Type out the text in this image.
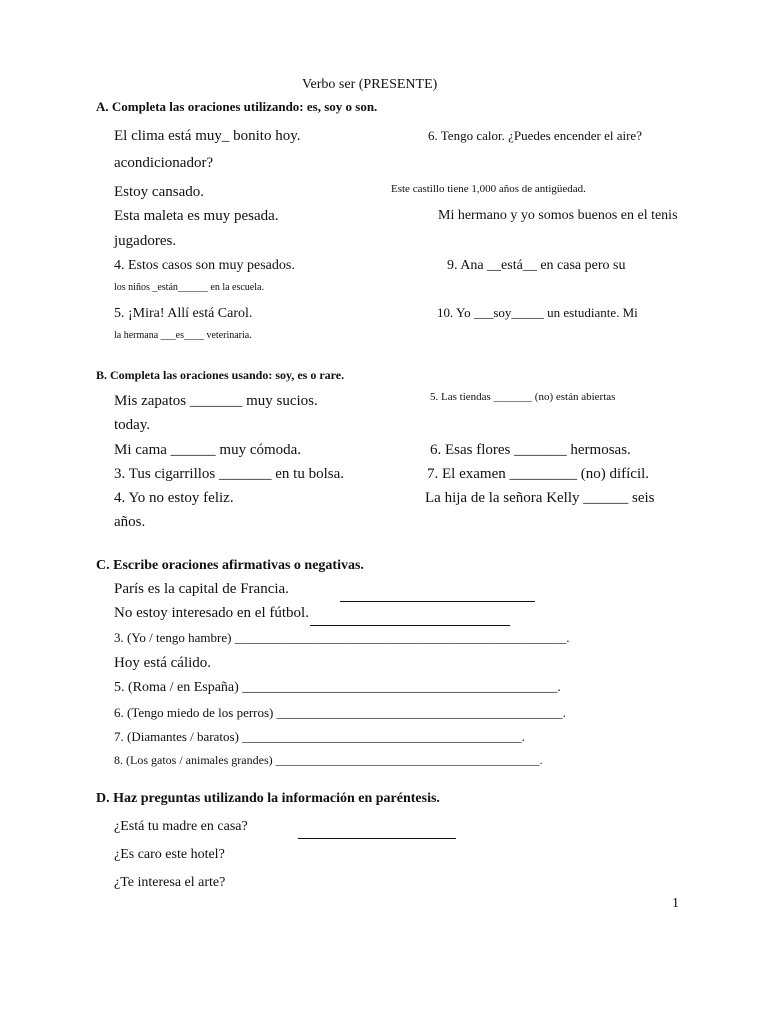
Verbo ser (PRESENTE)
A. Completa las oraciones utilizando: es, soy o son.
El clima está muy_ bonito hoy.	6. Tengo calor. ¿Puedes encender el aire?
acondicionador?
Estoy cansado.	Este castillo tiene 1,000 años de antigüedad.
Esta maleta es muy pesada.	Mi hermano y yo somos buenos en el tenis
jugadores.
4. Estos casos son muy pesados.	9. Ana __está__ en casa pero su
los niños _están______ en la escuela.
5. ¡Mira! Allí está Carol.	10. Yo ___soy_____ un estudiante. Mi
la hermana ___es____ veterinaria.
B. Completa las oraciones usando: soy, es o rare.
Mis zapatos _______ muy sucios.	5. Las tiendas _______ (no) están abiertas
today.
Mi cama ______ muy cómoda.	6. Esas flores _______ hermosas.
3. Tus cigarrillos _______ en tu bolsa.	7. El examen _________ (no) difícil.
4. Yo no estoy feliz.	La hija de la señora Kelly ______ seis
años.
C. Escribe oraciones afirmativas o negativas.
París es la capital de Francia.
No estoy interesado en el fútbol.
3. (Yo / tengo hambre) ___________________________________________________.
Hoy está cálido.
5. (Roma / en España) _____________________________________________.
6. (Tengo miedo de los perros) ____________________________________________.
7. (Diamantes / baratos) ___________________________________________.
8. (Los gatos / animales grandes) ____________________________________________.
D. Haz preguntas utilizando la información en paréntesis.
¿Está tu madre en casa?
¿Es caro este hotel?
¿Te interesa el arte?
1
